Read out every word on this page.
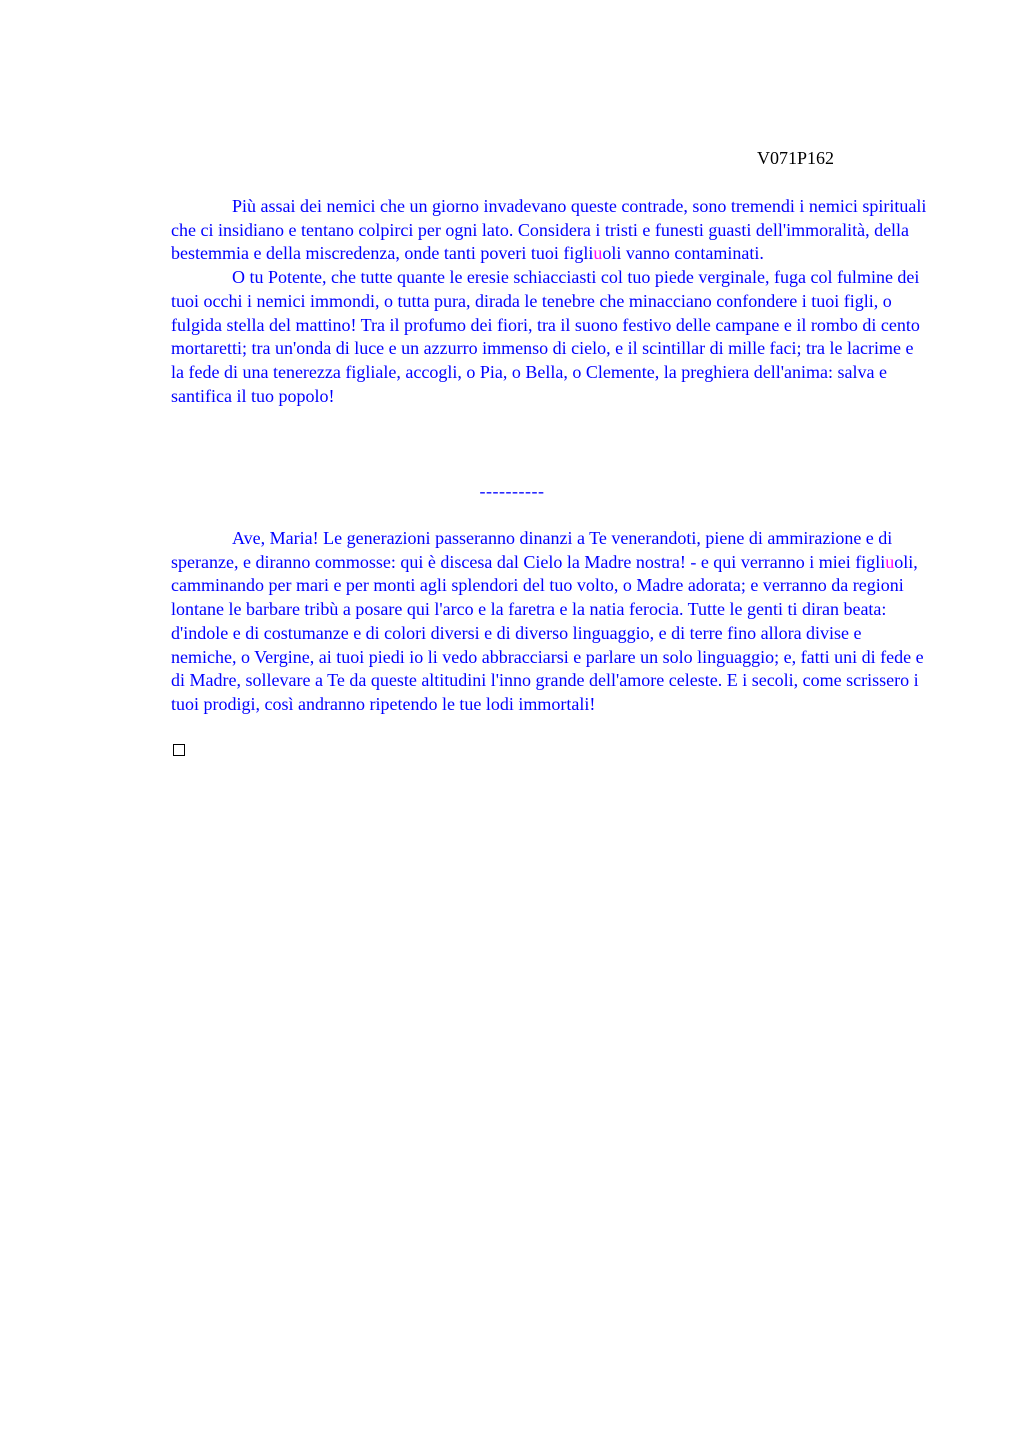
V071P162

Più assai dei nemici che un giorno invadevano queste contrade, sono tremendi i nemici spirituali che ci insidiano e tentano colpirci per ogni lato. Considera i tristi e funesti guasti dell'immoralità, della bestemmia e della miscredenza, onde tanti poveri tuoi figliuoli vanno contaminati.

O tu Potente, che tutte quante le eresie schiacciasti col tuo piede verginale, fuga col fulmine dei tuoi occhi i nemici immondi, o tutta pura, dirada le tenebre che minacciano confondere i tuoi figli, o fulgida stella del mattino! Tra il profumo dei fiori, tra il suono festivo delle campane e il rombo di cento mortaretti; tra un'onda di luce e un azzurro immenso di cielo, e il scintillar di mille faci; tra le lacrime e la fede di una tenerezza figliale, accogli, o Pia, o Bella, o Clemente, la preghiera dell'anima: salva e santifica il tuo popolo!

----------

Ave, Maria! Le generazioni passeranno dinanzi a Te venerandoti, piene di ammirazione e di speranze, e diranno commosse: qui è discesa dal Cielo la Madre nostra! - e qui verranno i miei figliuoli, camminando per mari e per monti agli splendori del tuo volto, o Madre adorata; e verranno da regioni lontane le barbare tribù a posare qui l'arco e la faretra e la natia ferocia. Tutte le genti ti diran beata: d'indole e di costumanze e di colori diversi e di diverso linguaggio, e di terre fino allora divise e nemiche, o Vergine, ai tuoi piedi io li vedo abbracciarsi e parlare un solo linguaggio; e, fatti uni di fede e di Madre, sollevare a Te da queste altitudini l'inno grande dell'amore celeste. E i secoli, come scrissero i tuoi prodigi, così andranno ripetendo le tue lodi immortali!
